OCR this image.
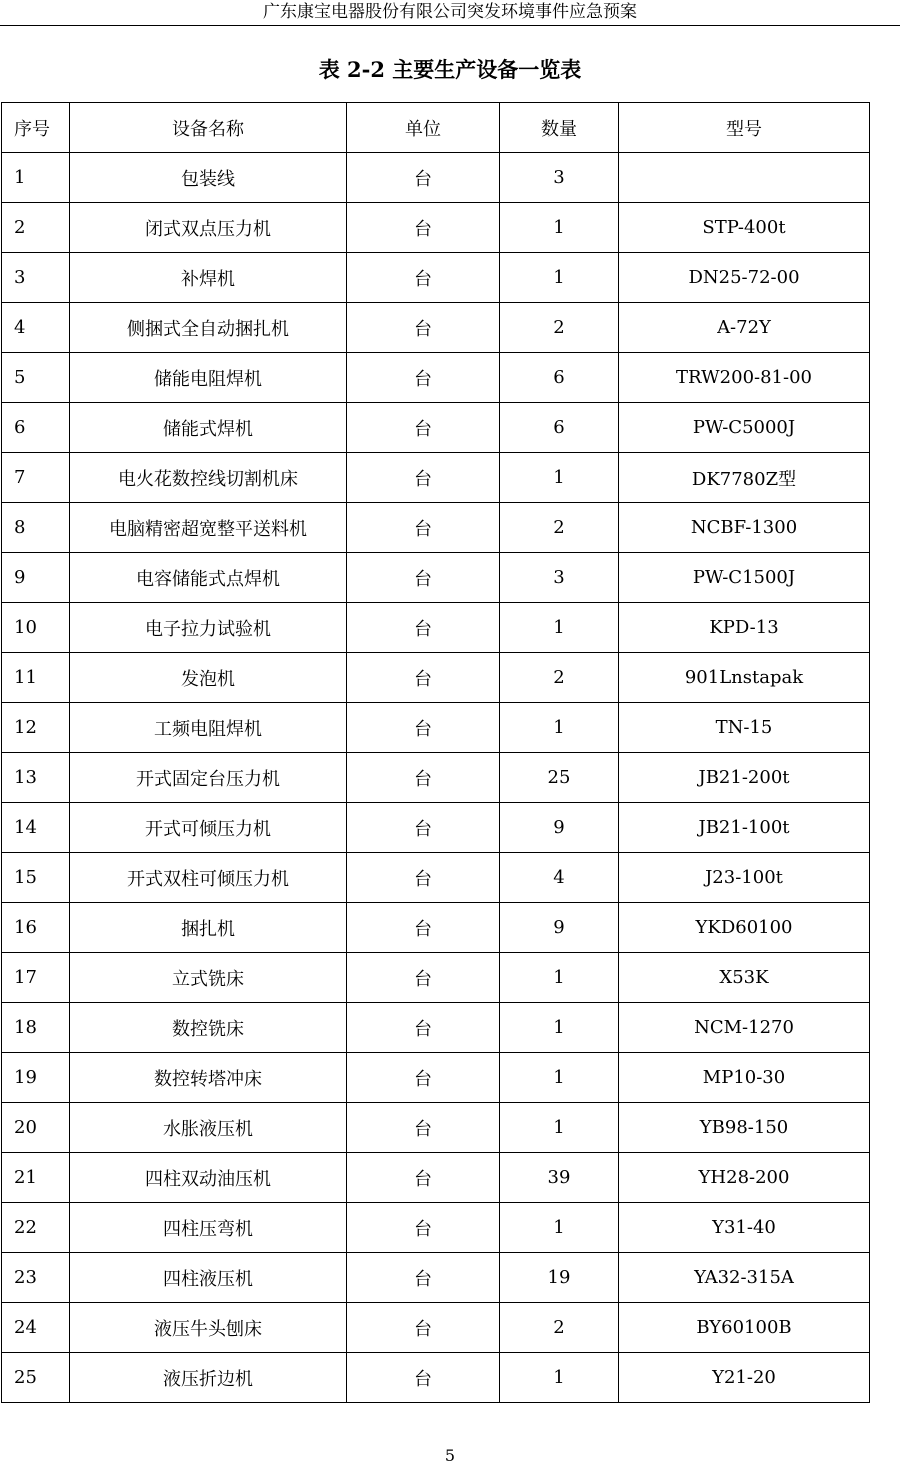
广东康宝电器股份有限公司突发环境事件应急预案
表 2-2 主要生产设备一览表
序号	设备名称	单位	数量	型号
1	包装线	台	3	
2	闭式双点压力机	台	1	STP-400t
3	补焊机	台	1	DN25-72-00
4	侧捆式全自动捆扎机	台	2	A-72Y
5	储能电阻焊机	台	6	TRW200-81-00
6	储能式焊机	台	6	PW-C5000J
7	电火花数控线切割机床	台	1	DK7780Z型
8	电脑精密超宽整平送料机	台	2	NCBF-1300
9	电容储能式点焊机	台	3	PW-C1500J
10	电子拉力试验机	台	1	KPD-13
11	发泡机	台	2	901Lnstapak
12	工频电阻焊机	台	1	TN-15
13	开式固定台压力机	台	25	JB21-200t
14	开式可倾压力机	台	9	JB21-100t
15	开式双柱可倾压力机	台	4	J23-100t
16	捆扎机	台	9	YKD60100
17	立式铣床	台	1	X53K
18	数控铣床	台	1	NCM-1270
19	数控转塔冲床	台	1	MP10-30
20	水胀液压机	台	1	YB98-150
21	四柱双动油压机	台	39	YH28-200
22	四柱压弯机	台	1	Y31-40
23	四柱液压机	台	19	YA32-315A
24	液压牛头刨床	台	2	BY60100B
25	液压折边机	台	1	Y21-20
5
